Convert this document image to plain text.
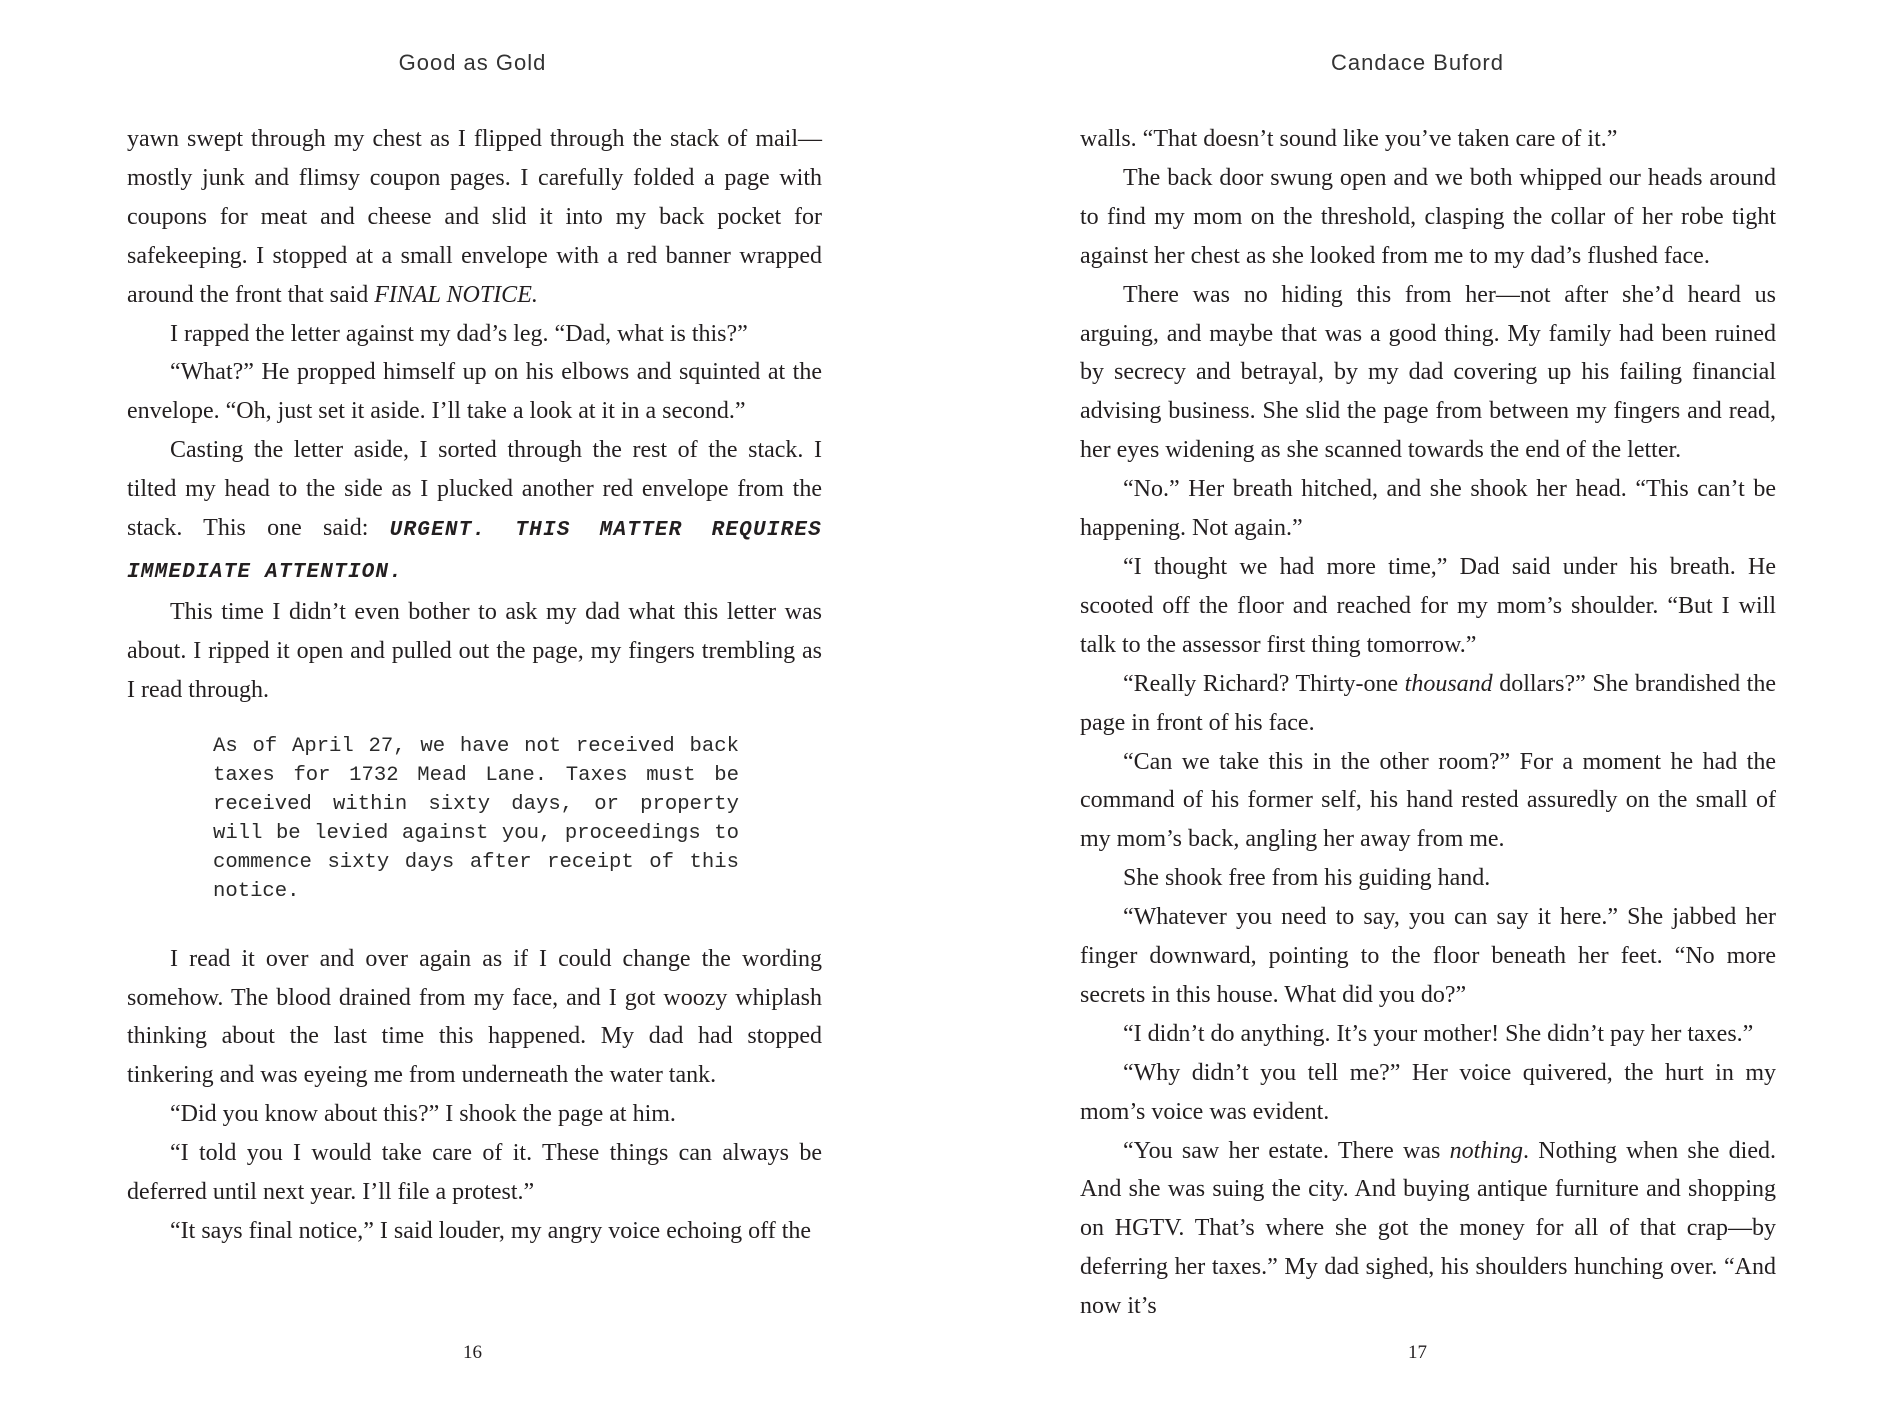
Good as Gold

yawn swept through my chest as I flipped through the stack of mail—mostly junk and flimsy coupon pages. I carefully folded a page with coupons for meat and cheese and slid it into my back pocket for safekeeping. I stopped at a small envelope with a red banner wrapped around the front that said FINAL NOTICE.

I rapped the letter against my dad’s leg. “Dad, what is this?”

“What?” He propped himself up on his elbows and squinted at the envelope. “Oh, just set it aside. I’ll take a look at it in a second.”

Casting the letter aside, I sorted through the rest of the stack. I tilted my head to the side as I plucked another red envelope from the stack. This one said: URGENT. THIS MATTER REQUIRES IMMEDIATE ATTENTION.

This time I didn’t even bother to ask my dad what this letter was about. I ripped it open and pulled out the page, my fingers trembling as I read through.

As of April 27, we have not received back taxes for 1732 Mead Lane. Taxes must be received within sixty days, or property will be levied against you, proceedings to commence sixty days after receipt of this notice.

I read it over and over again as if I could change the wording somehow. The blood drained from my face, and I got woozy whiplash thinking about the last time this happened. My dad had stopped tinkering and was eyeing me from underneath the water tank.

“Did you know about this?” I shook the page at him.

“I told you I would take care of it. These things can always be deferred until next year. I’ll file a protest.”

“It says final notice,” I said louder, my angry voice echoing off the

16
Candace Buford

walls. “That doesn’t sound like you’ve taken care of it.”

The back door swung open and we both whipped our heads around to find my mom on the threshold, clasping the collar of her robe tight against her chest as she looked from me to my dad’s flushed face.

There was no hiding this from her—not after she’d heard us arguing, and maybe that was a good thing. My family had been ruined by secrecy and betrayal, by my dad covering up his failing financial advising business. She slid the page from between my fingers and read, her eyes widening as she scanned towards the end of the letter.

“No.” Her breath hitched, and she shook her head. “This can’t be happening. Not again.”

“I thought we had more time,” Dad said under his breath. He scooted off the floor and reached for my mom’s shoulder. “But I will talk to the assessor first thing tomorrow.”

“Really Richard? Thirty-one thousand dollars?” She brandished the page in front of his face.

“Can we take this in the other room?” For a moment he had the command of his former self, his hand rested assuredly on the small of my mom’s back, angling her away from me.

She shook free from his guiding hand.

“Whatever you need to say, you can say it here.” She jabbed her finger downward, pointing to the floor beneath her feet. “No more secrets in this house. What did you do?”

“I didn’t do anything. It’s your mother! She didn’t pay her taxes.”

“Why didn’t you tell me?” Her voice quivered, the hurt in my mom’s voice was evident.

“You saw her estate. There was nothing. Nothing when she died. And she was suing the city. And buying antique furniture and shopping on HGTV. That’s where she got the money for all of that crap—by deferring her taxes.” My dad sighed, his shoulders hunching over. “And now it’s

17
